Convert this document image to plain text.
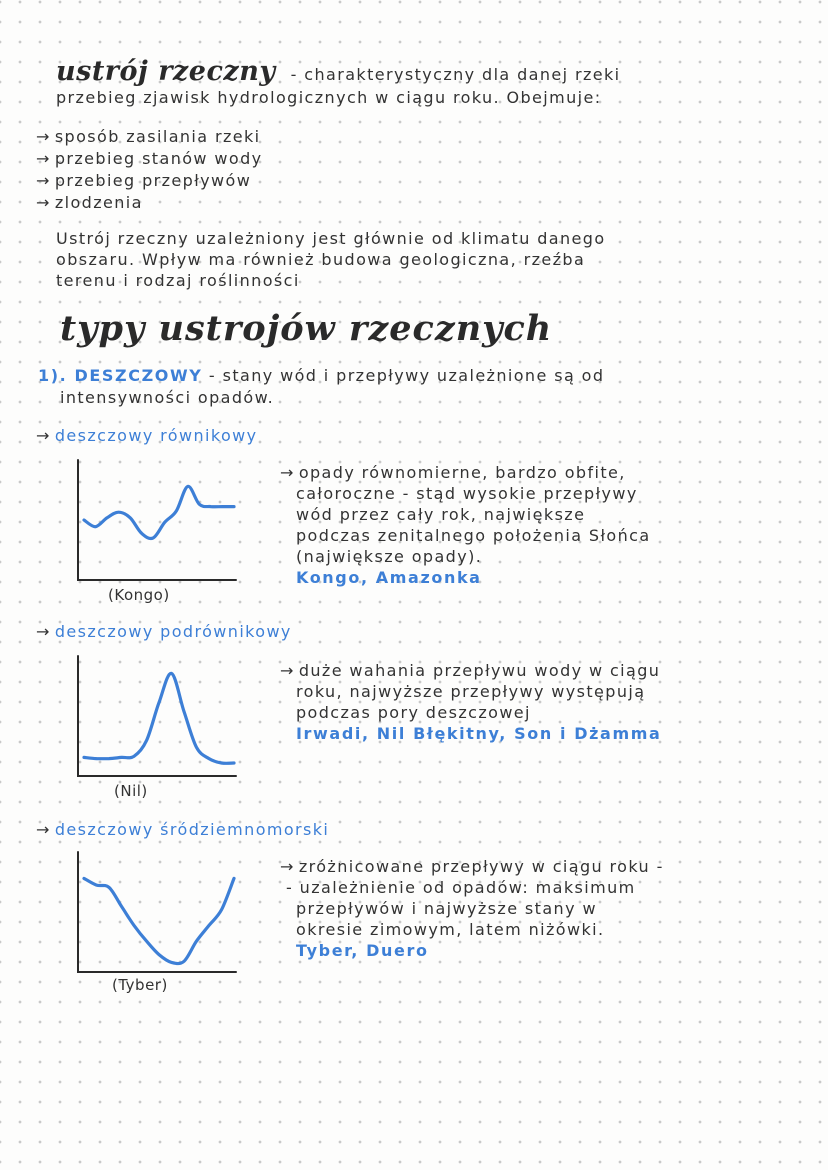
ustrój rzeczny - charakterystyczny dla danej rzeki
przebieg zjawisk hydrologicznych w ciągu roku. Obejmuje:
→ sposób zasilania rzeki
→ przebieg stanów wody
→ przebieg przepływów
→ zlodzenia
Ustrój rzeczny uzależniony jest głównie od klimatu danego
obszaru. Wpływ ma również budowa geologiczna, rzeźba
terenu i rodzaj roślinności
typy ustrojów rzecznych
1). DESZCZOWY - stany wód i przepływy uzależnione są od
intensywności opadów.
→ deszczowy równikowy
(Kongo)
→ opady równomierne, bardzo obfite,
całoroczne - stąd wysokie przepływy
wód przez cały rok, największe
podczas zenitalnego położenia Słońca
(największe opady).
Kongo, Amazonka
→ deszczowy podrównikowy
(Nil)
→ duże wahania przepływu wody w ciągu
roku, najwyższe przepływy występują
podczas pory deszczowej
Irwadi, Nil Błękitny, Son i Dżamma
→ deszczowy śródziemnomorski
(Tyber)
→ zróżnicowane przepływy w ciągu roku -
- uzależnienie od opadów: maksimum
przepływów i najwyższe stany w
okresie zimowym, latem niżówki.
Tyber, Duero
